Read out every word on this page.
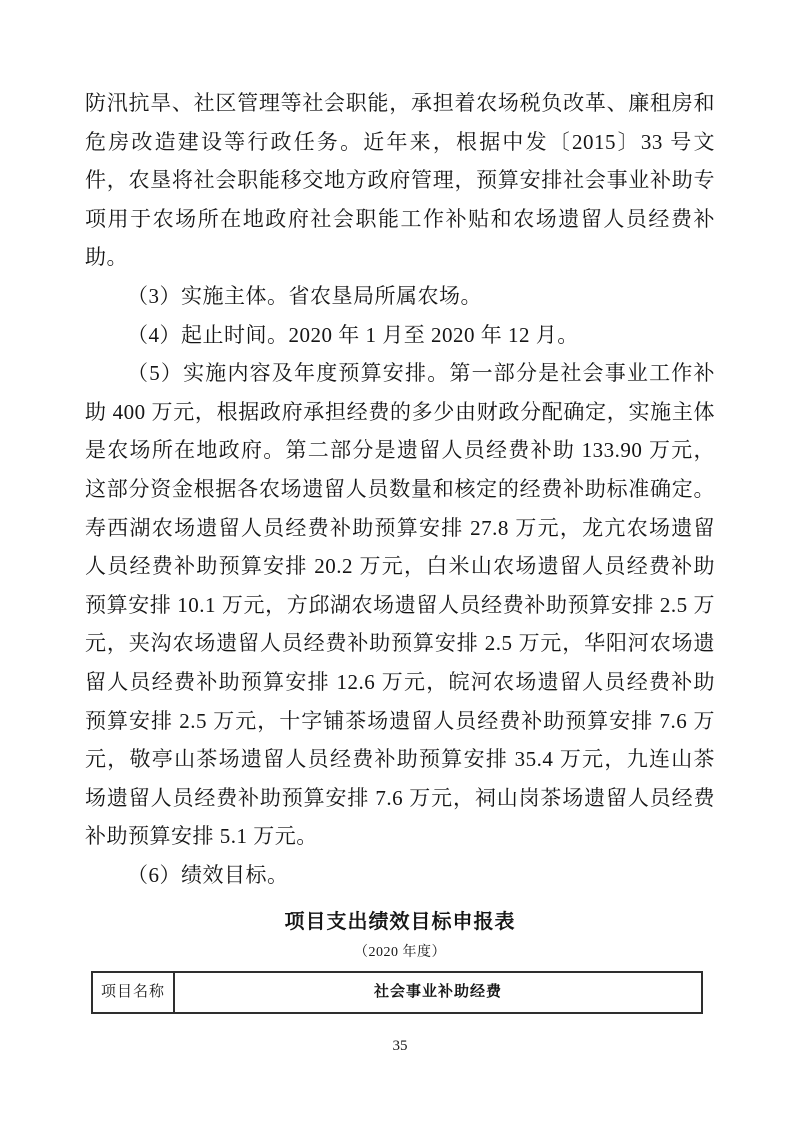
防汛抗旱、社区管理等社会职能，承担着农场税负改革、廉租房和危房改造建设等行政任务。近年来，根据中发〔2015〕33 号文件，农垦将社会职能移交地方政府管理，预算安排社会事业补助专项用于农场所在地政府社会职能工作补贴和农场遗留人员经费补助。

（3）实施主体。省农垦局所属农场。

（4）起止时间。2020 年 1 月至 2020 年 12 月。

（5）实施内容及年度预算安排。第一部分是社会事业工作补助 400 万元，根据政府承担经费的多少由财政分配确定，实施主体是农场所在地政府。第二部分是遗留人员经费补助 133.90 万元，这部分资金根据各农场遗留人员数量和核定的经费补助标准确定。寿西湖农场遗留人员经费补助预算安排 27.8 万元，龙亢农场遗留人员经费补助预算安排 20.2 万元，白米山农场遗留人员经费补助预算安排 10.1 万元，方邱湖农场遗留人员经费补助预算安排 2.5 万元，夹沟农场遗留人员经费补助预算安排 2.5 万元，华阳河农场遗留人员经费补助预算安排 12.6 万元，皖河农场遗留人员经费补助预算安排 2.5 万元，十字铺茶场遗留人员经费补助预算安排 7.6 万元，敬亭山茶场遗留人员经费补助预算安排 35.4 万元，九连山茶场遗留人员经费补助预算安排 7.6 万元，祠山岗茶场遗留人员经费补助预算安排 5.1 万元。

（6）绩效目标。

项目支出绩效目标申报表
（2020 年度）
项目名称	社会事业补助经费
35
